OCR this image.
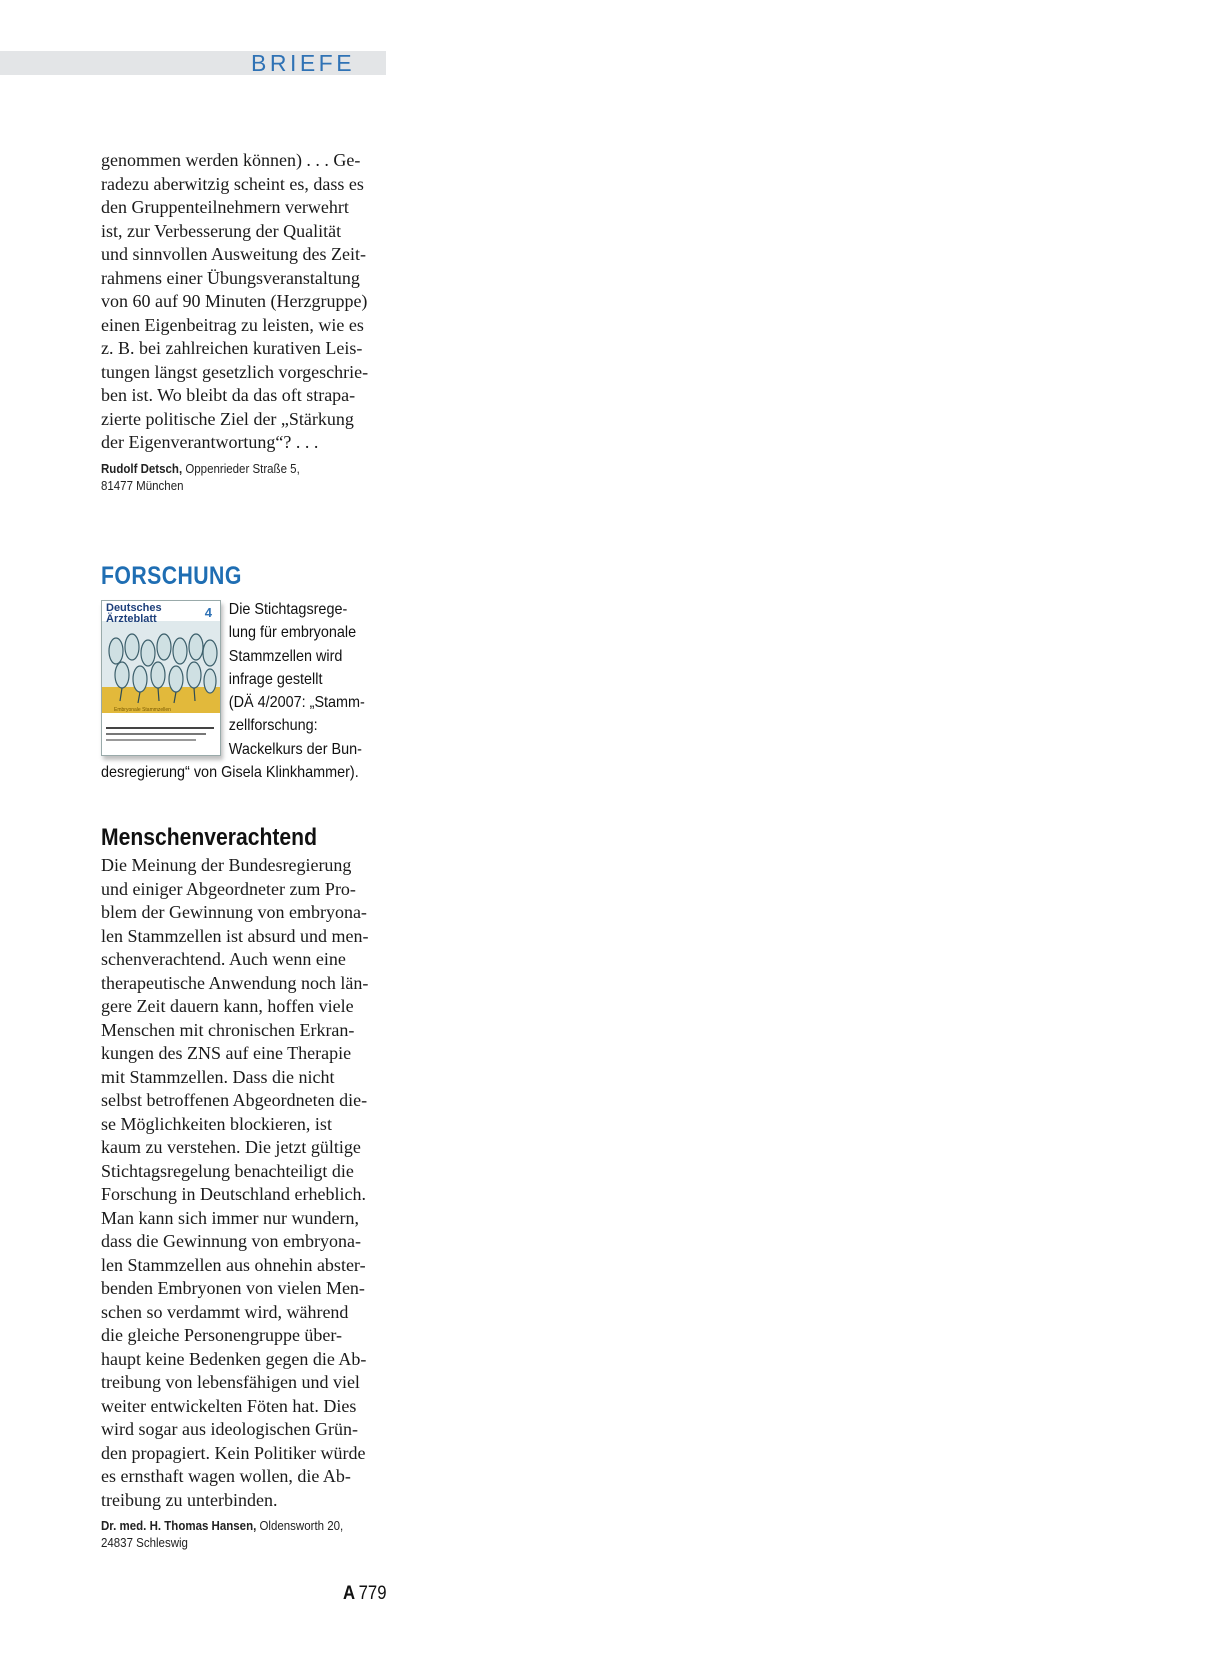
BRIEFE

genommen werden können) . . . Ge-
radezu aberwitzig scheint es, dass es
den Gruppenteilnehmern verwehrt
ist, zur Verbesserung der Qualität
und sinnvollen Ausweitung des Zeit-
rahmens einer Übungsveranstaltung
von 60 auf 90 Minuten (Herzgruppe)
einen Eigenbeitrag zu leisten, wie es
z. B. bei zahlreichen kurativen Leis-
tungen längst gesetzlich vorgeschrie-
ben ist. Wo bleibt da das oft strapa-
zierte politische Ziel der „Stärkung
der Eigenverantwortung“? . . .

Rudolf Detsch, Oppenrieder Straße 5,
81477 München
FORSCHUNG
Deutsches
Ärzteblatt	4
Embryonale Stammzellen
Die Stichtagsrege-
lung für embryonale
Stammzellen wird
infrage gestellt
(DÄ 4/2007: „Stamm-
zellforschung:
Wackelkurs der Bun-
desregierung“ von Gisela Klinkhammer).
Menschenverachtend

Die Meinung der Bundesregierung
und einiger Abgeordneter zum Pro-
blem der Gewinnung von embryona-
len Stammzellen ist absurd und men-
schenverachtend. Auch wenn eine
therapeutische Anwendung noch län-
gere Zeit dauern kann, hoffen viele
Menschen mit chronischen Erkran-
kungen des ZNS auf eine Therapie
mit Stammzellen. Dass die nicht
selbst betroffenen Abgeordneten die-
se Möglichkeiten blockieren, ist
kaum zu verstehen. Die jetzt gültige
Stichtagsregelung benachteiligt die
Forschung in Deutschland erheblich.
Man kann sich immer nur wundern,
dass die Gewinnung von embryona-
len Stammzellen aus ohnehin abster-
benden Embryonen von vielen Men-
schen so verdammt wird, während
die gleiche Personengruppe über-
haupt keine Bedenken gegen die Ab-
treibung von lebensfähigen und viel
weiter entwickelten Föten hat. Dies
wird sogar aus ideologischen Grün-
den propagiert. Kein Politiker würde
es ernsthaft wagen wollen, die Ab-
treibung zu unterbinden.

Dr. med. H. Thomas Hansen, Oldensworth 20,
24837 Schleswig
A 779
